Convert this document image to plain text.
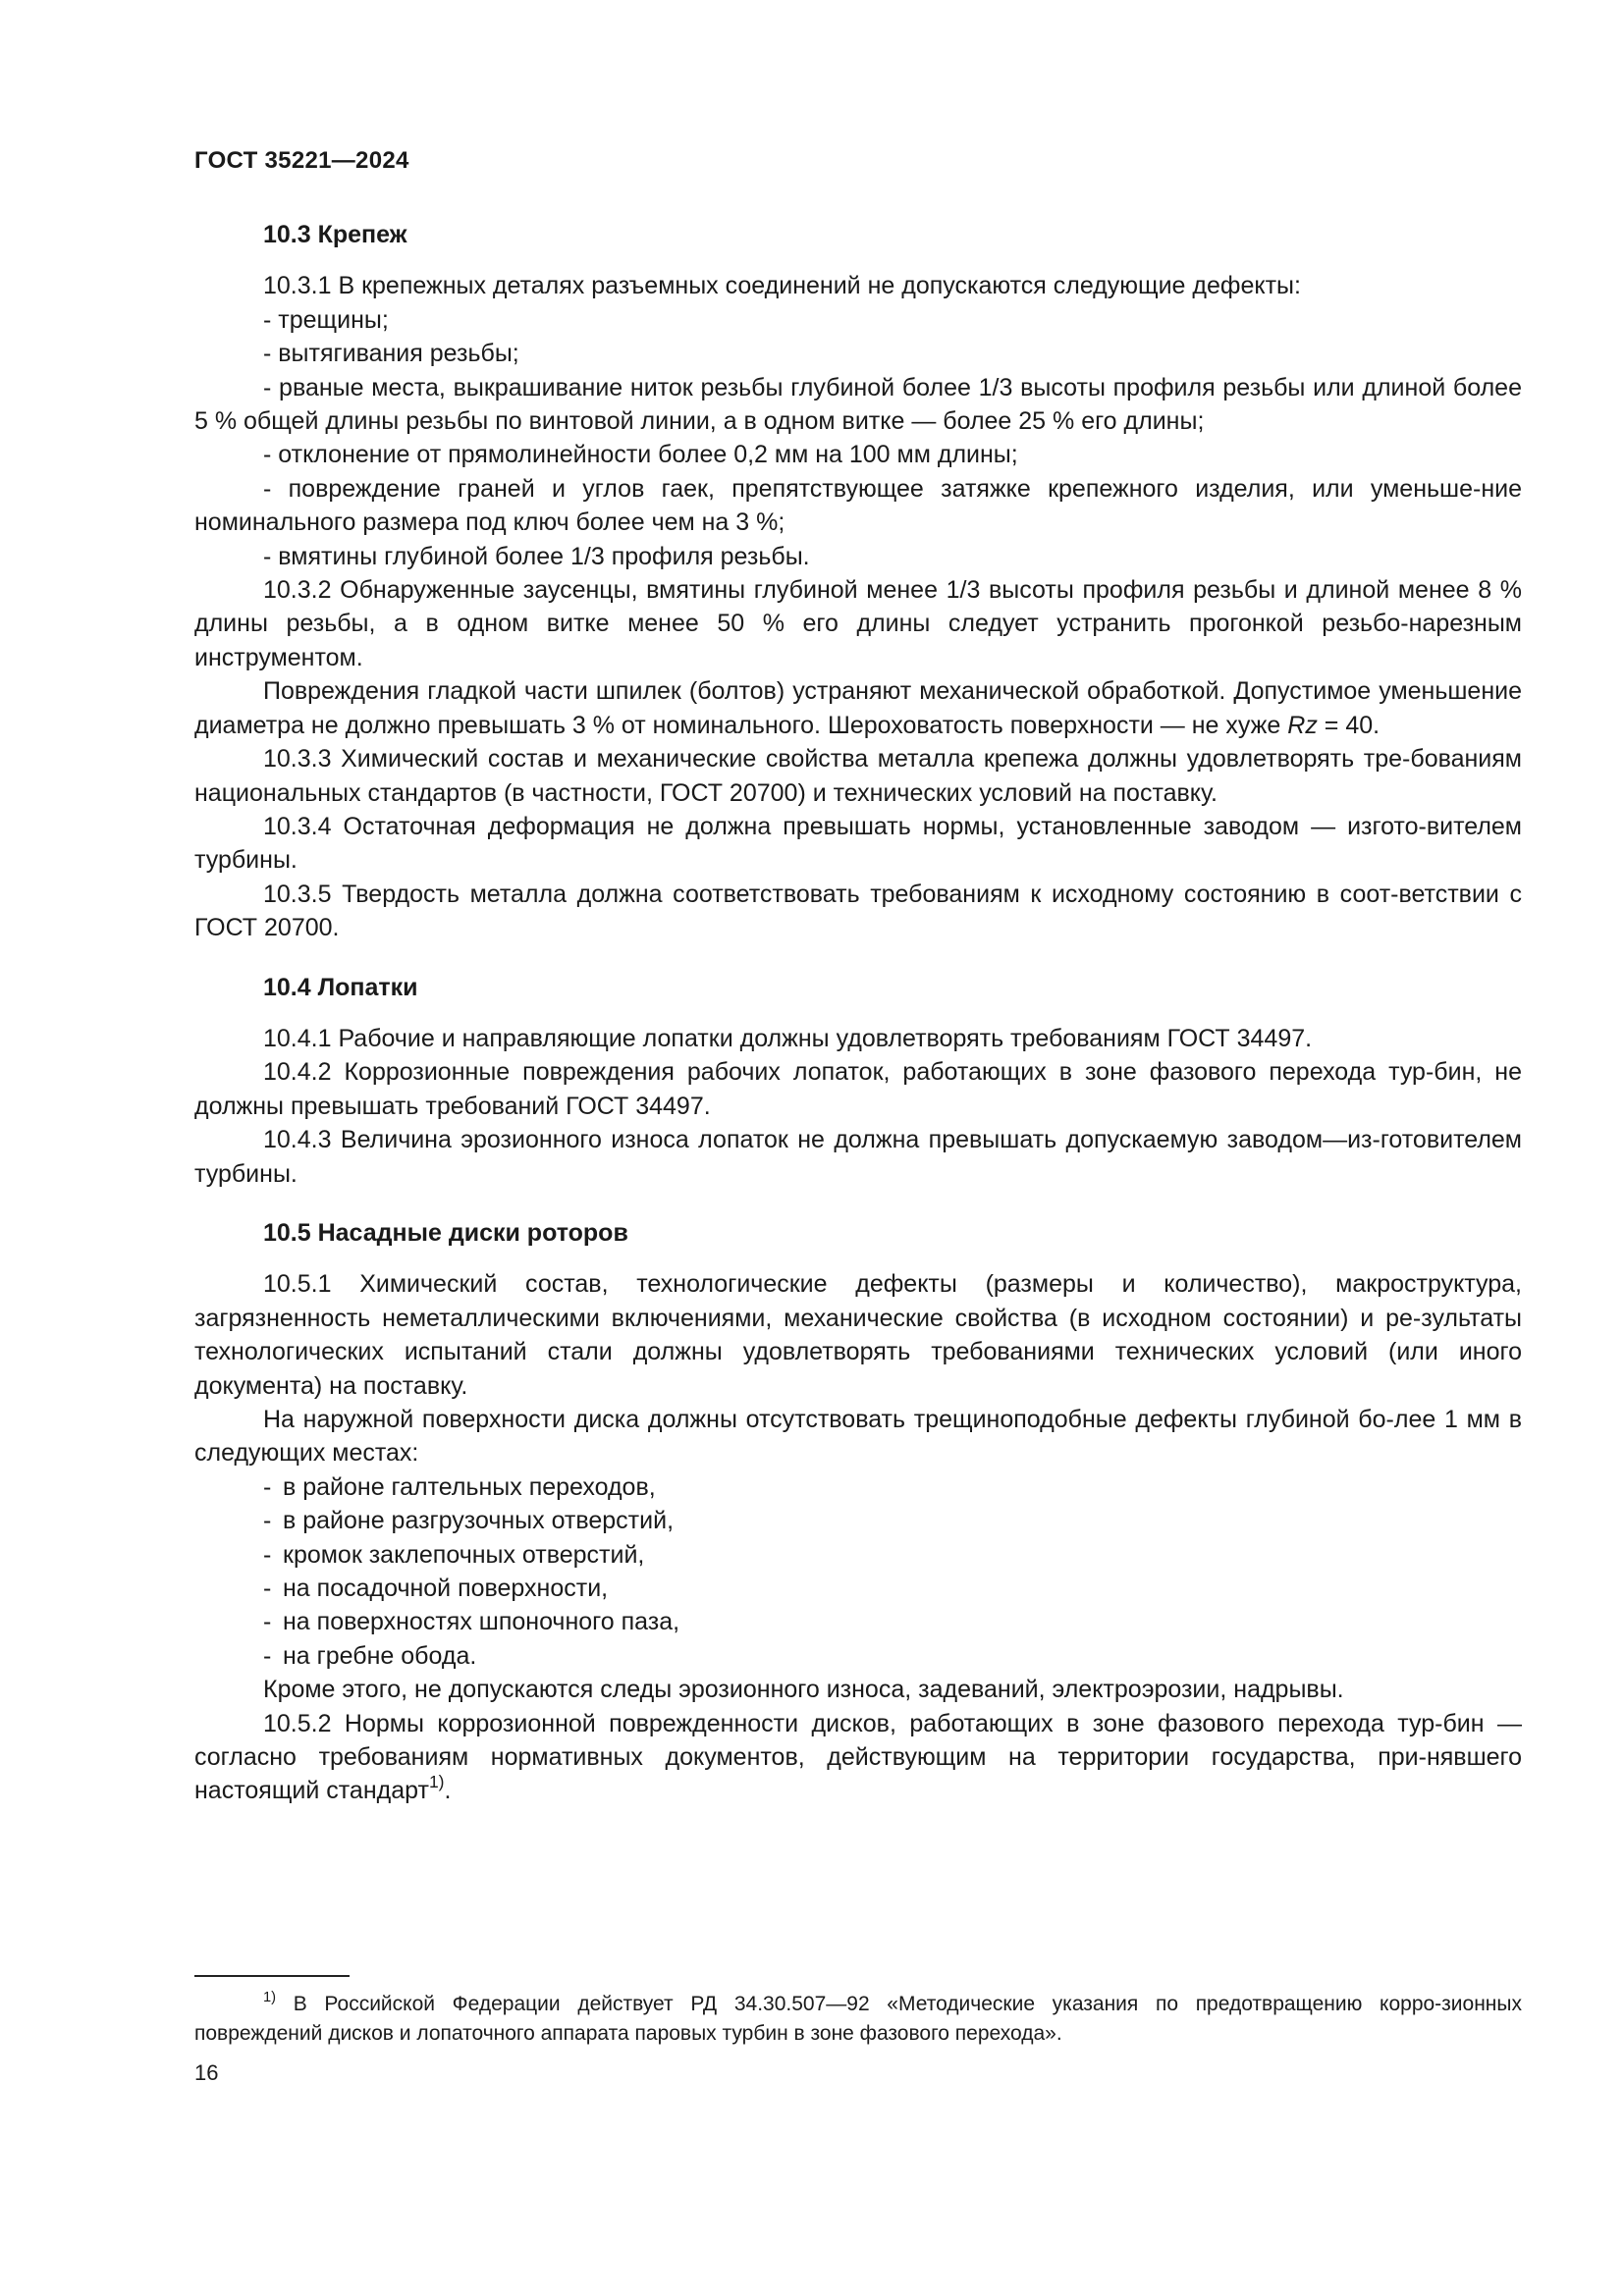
ГОСТ 35221—2024
10.3 Крепеж
10.3.1 В крепежных деталях разъемных соединений не допускаются следующие дефекты:
- трещины;
- вытягивания резьбы;
- рваные места, выкрашивание ниток резьбы глубиной более 1/3 высоты профиля резьбы или длиной более 5 % общей длины резьбы по винтовой линии, а в одном витке — более 25 % его длины;
- отклонение от прямолинейности более 0,2 мм на 100 мм длины;
- повреждение граней и углов гаек, препятствующее затяжке крепежного изделия, или уменьше-ние номинального размера под ключ более чем на 3 %;
- вмятины глубиной более 1/3 профиля резьбы.
10.3.2 Обнаруженные заусенцы, вмятины глубиной менее 1/3 высоты профиля резьбы и длиной менее 8 % длины резьбы, а в одном витке менее 50 % его длины следует устранить прогонкой резьбо-нарезным инструментом.
Повреждения гладкой части шпилек (болтов) устраняют механической обработкой. Допустимое уменьшение диаметра не должно превышать 3 % от номинального. Шероховатость поверхности — не хуже Rz = 40.
10.3.3 Химический состав и механические свойства металла крепежа должны удовлетворять тре-бованиям национальных стандартов (в частности, ГОСТ 20700) и технических условий на поставку.
10.3.4 Остаточная деформация не должна превышать нормы, установленные заводом — изгото-вителем турбины.
10.3.5 Твердость металла должна соответствовать требованиям к исходному состоянию в соот-ветствии с ГОСТ 20700.
10.4 Лопатки
10.4.1 Рабочие и направляющие лопатки должны удовлетворять требованиям ГОСТ 34497.
10.4.2 Коррозионные повреждения рабочих лопаток, работающих в зоне фазового перехода тур-бин, не должны превышать требований ГОСТ 34497.
10.4.3 Величина эрозионного износа лопаток не должна превышать допускаемую заводом—из-готовителем турбины.
10.5 Насадные диски роторов
10.5.1 Химический состав, технологические дефекты (размеры и количество), макроструктура, загрязненность неметаллическими включениями, механические свойства (в исходном состоянии) и ре-зультаты технологических испытаний стали должны удовлетворять требованиями технических условий (или иного документа) на поставку.
На наружной поверхности диска должны отсутствовать трещиноподобные дефекты глубиной бо-лее 1 мм в следующих местах:
- в районе галтельных переходов,
- в районе разгрузочных отверстий,
- кромок заклепочных отверстий,
- на посадочной поверхности,
- на поверхностях шпоночного паза,
- на гребне обода.
Кроме этого, не допускаются следы эрозионного износа, задеваний, электроэрозии, надрывы.
10.5.2 Нормы коррозионной поврежденности дисков, работающих в зоне фазового перехода тур-бин — согласно требованиям нормативных документов, действующим на территории государства, при-нявшего настоящий стандарт$^{1)}$.
$^{1)}$ В Российской Федерации действует РД 34.30.507—92 «Методические указания по предотвращению корро-зионных повреждений дисков и лопаточного аппарата паровых турбин в зоне фазового перехода».
16
